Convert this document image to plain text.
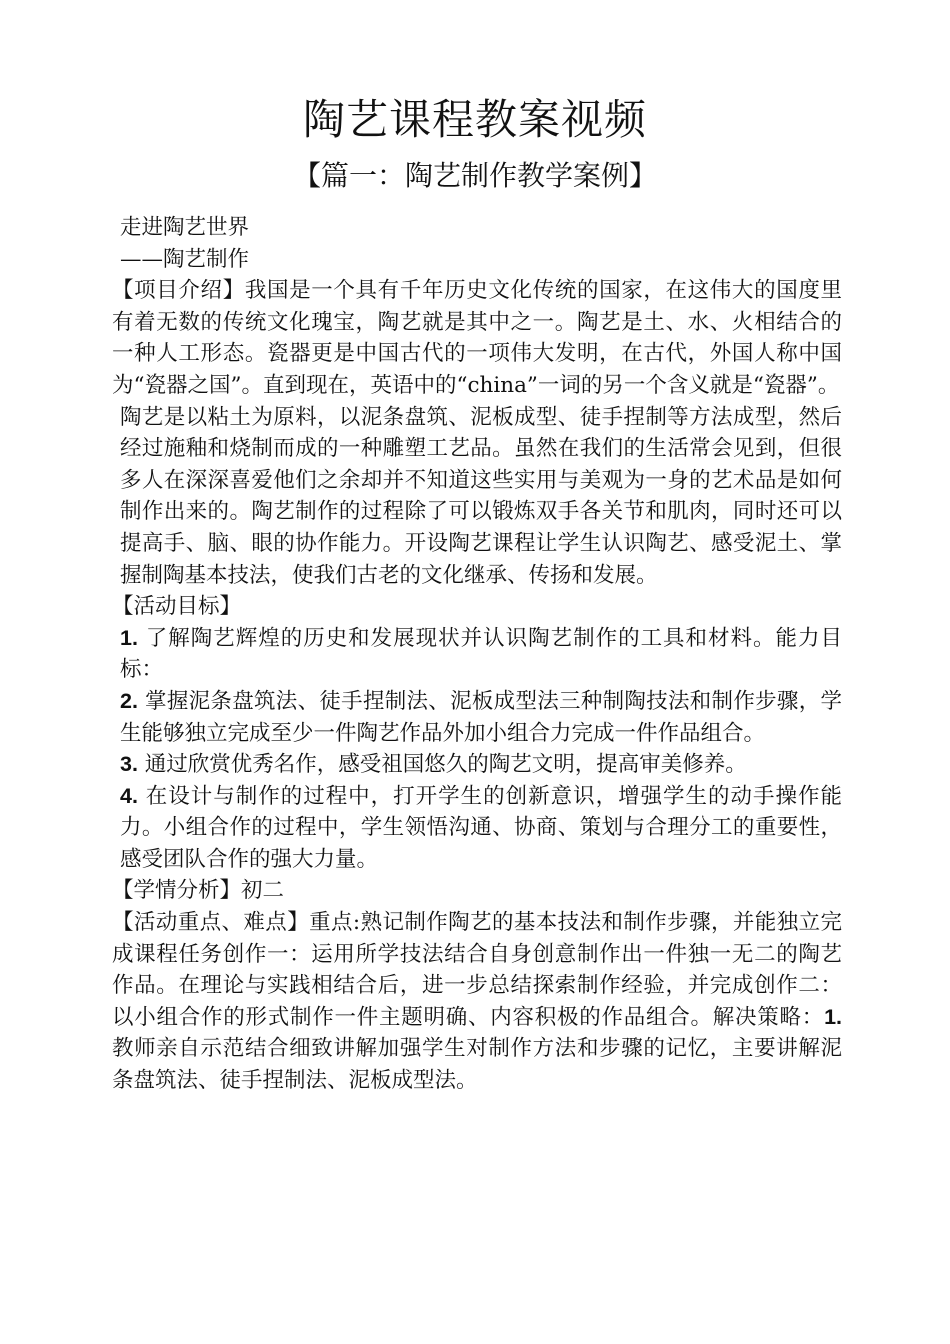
陶艺课程教案视频
【篇一：陶艺制作教学案例】

走进陶艺世界

——陶艺制作

【项目介绍】我国是一个具有千年历史文化传统的国家，在这伟大的国度里有着无数的传统文化瑰宝，陶艺就是其中之一。陶艺是土、水、火相结合的一种人工形态。瓷器更是中国古代的一项伟大发明，在古代，外国人称中国为“瓷器之国”。直到现在，英语中的“china”一词的另一个含义就是“瓷器”。

陶艺是以粘土为原料，以泥条盘筑、泥板成型、徒手捏制等方法成型，然后经过施釉和烧制而成的一种雕塑工艺品。虽然在我们的生活常会见到，但很多人在深深喜爱他们之余却并不知道这些实用与美观为一身的艺术品是如何制作出来的。陶艺制作的过程除了可以锻炼双手各关节和肌肉，同时还可以提高手、脑、眼的协作能力。开设陶艺课程让学生认识陶艺、感受泥土、掌握制陶基本技法，使我们古老的文化继承、传扬和发展。

【活动目标】

1. 了解陶艺辉煌的历史和发展现状并认识陶艺制作的工具和材料。能力目标：

2. 掌握泥条盘筑法、徒手捏制法、泥板成型法三种制陶技法和制作步骤，学生能够独立完成至少一件陶艺作品外加小组合力完成一件作品组合。

3. 通过欣赏优秀名作，感受祖国悠久的陶艺文明，提高审美修养。

4. 在设计与制作的过程中，打开学生的创新意识，增强学生的动手操作能力。小组合作的过程中，学生领悟沟通、协商、策划与合理分工的重要性，感受团队合作的强大力量。

【学情分析】初二

【活动重点、难点】重点:熟记制作陶艺的基本技法和制作步骤，并能独立完成课程任务创作一：运用所学技法结合自身创意制作出一件独一无二的陶艺作品。在理论与实践相结合后，进一步总结探索制作经验，并完成创作二：以小组合作的形式制作一件主题明确、内容积极的作品组合。解决策略：1. 教师亲自示范结合细致讲解加强学生对制作方法和步骤的记忆，主要讲解泥条盘筑法、徒手捏制法、泥板成型法。
